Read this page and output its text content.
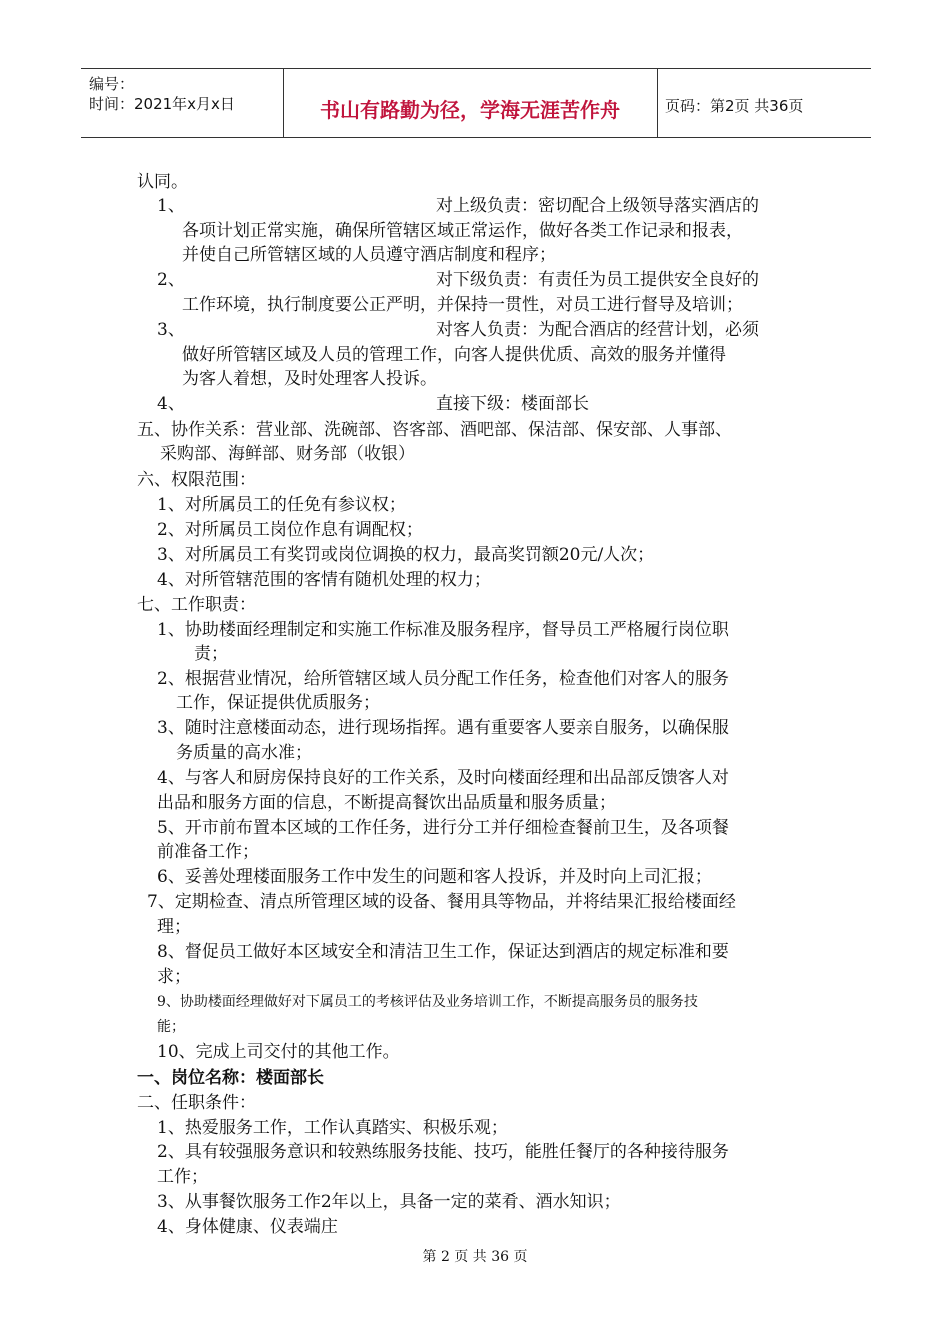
编号：
时间：2021年x月x日	书山有路勤为径，学海无涯苦作舟	页码：第2页 共36页
认同。
1、	对上级负责：密切配合上级领导落实酒店的
各项计划正常实施，确保所管辖区域正常运作，做好各类工作记录和报表，
并使自己所管辖区域的人员遵守酒店制度和程序；
2、	对下级负责：有责任为员工提供安全良好的
工作环境，执行制度要公正严明，并保持一贯性，对员工进行督导及培训；
3、	对客人负责：为配合酒店的经营计划，必须
做好所管辖区域及人员的管理工作，向客人提供优质、高效的服务并懂得
为客人着想，及时处理客人投诉。
4、	直接下级：楼面部长
五、协作关系：营业部、洗碗部、咨客部、酒吧部、保洁部、保安部、人事部、
采购部、海鲜部、财务部（收银）
六、权限范围：
1、对所属员工的任免有参议权；
2、对所属员工岗位作息有调配权；
3、对所属员工有奖罚或岗位调换的权力，最高奖罚额20元/人次；
4、对所管辖范围的客情有随机处理的权力；
七、工作职责：
1、协助楼面经理制定和实施工作标准及服务程序，督导员工严格履行岗位职
责；
2、根据营业情况，给所管辖区域人员分配工作任务，检查他们对客人的服务
工作，保证提供优质服务；
3、随时注意楼面动态，进行现场指挥。遇有重要客人要亲自服务，以确保服
务质量的高水准；
4、与客人和厨房保持良好的工作关系，及时向楼面经理和出品部反馈客人对
出品和服务方面的信息，不断提高餐饮出品质量和服务质量；
5、开市前布置本区域的工作任务，进行分工并仔细检查餐前卫生，及各项餐
前准备工作；
6、妥善处理楼面服务工作中发生的问题和客人投诉，并及时向上司汇报；
7、定期检查、清点所管理区域的设备、餐用具等物品，并将结果汇报给楼面经
理；
8、督促员工做好本区域安全和清洁卫生工作，保证达到酒店的规定标准和要
求；
9、协助楼面经理做好对下属员工的考核评估及业务培训工作，不断提高服务员的服务技
能；
10、完成上司交付的其他工作。
一、岗位名称：楼面部长
二、任职条件：
1、热爱服务工作，工作认真踏实、积极乐观；
2、具有较强服务意识和较熟练服务技能、技巧，能胜任餐厅的各种接待服务
工作；
3、从事餐饮服务工作2年以上，具备一定的菜肴、酒水知识；
4、身体健康、仪表端庄
第 2 页 共 36 页
